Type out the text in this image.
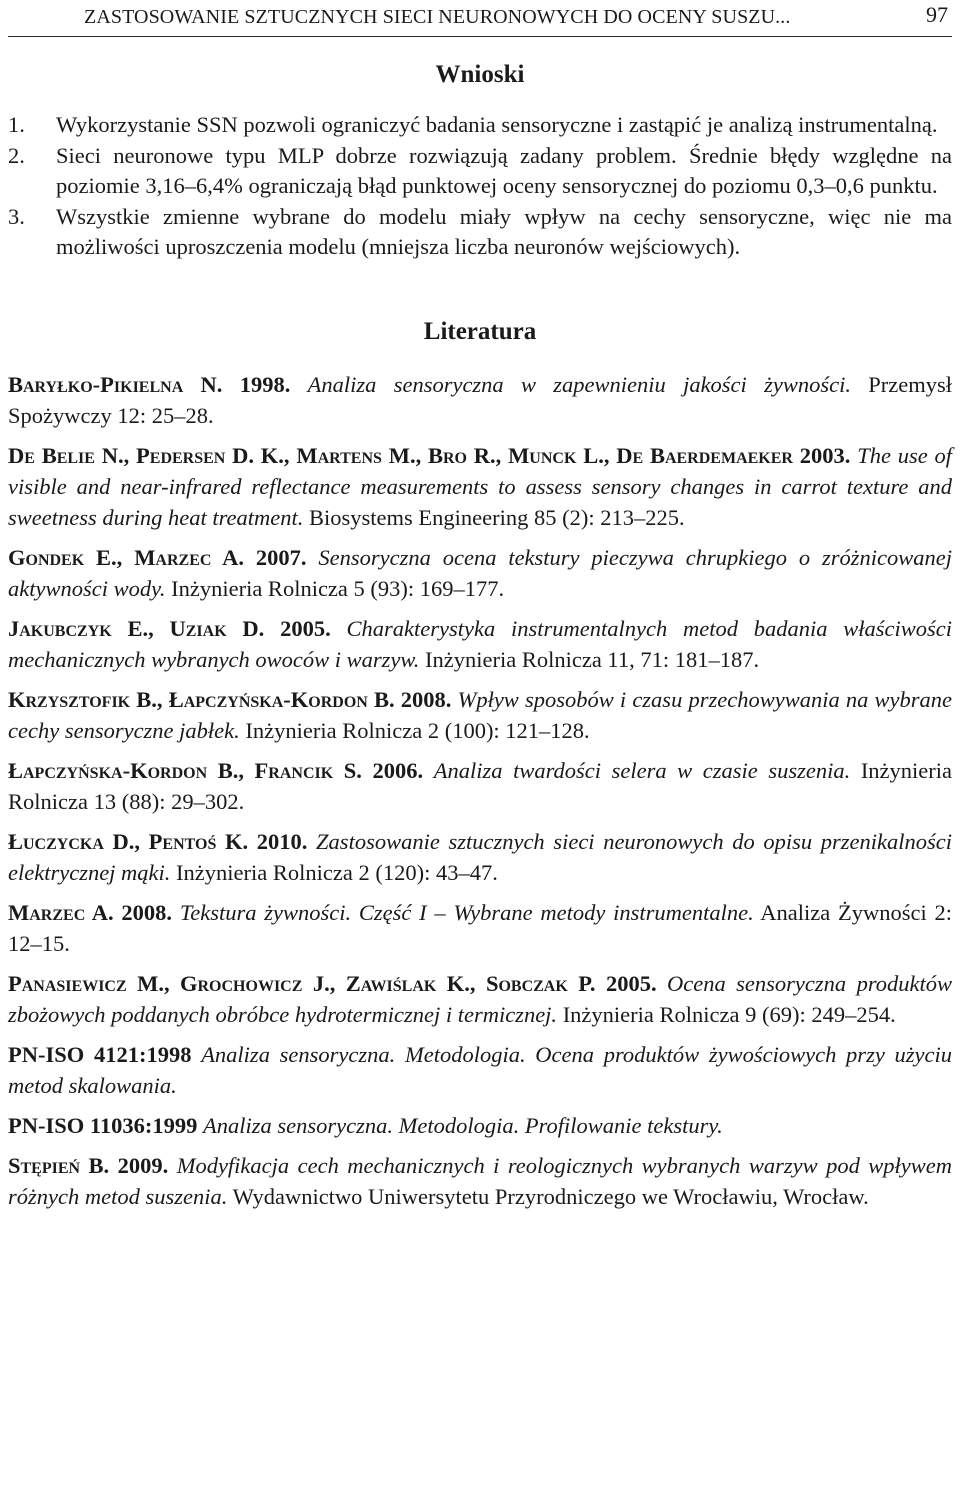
ZASTOSOWANIE SZTUCZNYCH SIECI NEURONOWYCH DO OCENY SUSZU...	97
Wnioski
1.	Wykorzystanie SSN pozwoli ograniczyć badania sensoryczne i zastąpić je analizą instrumentalną.
2.	Sieci neuronowe typu MLP dobrze rozwiązują zadany problem. Średnie błędy względne na poziomie 3,16–6,4% ograniczają błąd punktowej oceny sensorycznej do poziomu 0,3–0,6 punktu.
3.	Wszystkie zmienne wybrane do modelu miały wpływ na cechy sensoryczne, więc nie ma możliwości uproszczenia modelu (mniejsza liczba neuronów wejściowych).
Literatura
Baryłko-Pikielna N. 1998. Analiza sensoryczna w zapewnieniu jakości żywności. Przemysł Spożywczy 12: 25–28.
De Belie N., Pedersen D. K., Martens M., Bro R., Munck L., De Baerdemaeker 2003. The use of visible and near-infrared reflectance measurements to assess sensory changes in carrot texture and sweetness during heat treatment. Biosystems Engineering 85 (2): 213–225.
Gondek E., Marzec A. 2007. Sensoryczna ocena tekstury pieczywa chrupkiego o zróżnicowanej aktywności wody. Inżynieria Rolnicza 5 (93): 169–177.
Jakubczyk E., Uziak D. 2005. Charakterystyka instrumentalnych metod badania właściwości mechanicznych wybranych owoców i warzyw. Inżynieria Rolnicza 11, 71: 181–187.
Krzysztofik B., Łapczyńska-Kordon B. 2008. Wpływ sposobów i czasu przechowywania na wybrane cechy sensoryczne jabłek. Inżynieria Rolnicza 2 (100): 121–128.
Łapczyńska-Kordon B., Francik S. 2006. Analiza twardości selera w czasie suszenia. Inżynieria Rolnicza 13 (88): 29–302.
Łuczycka D., Pentoś K. 2010. Zastosowanie sztucznych sieci neuronowych do opisu przenikalności elektrycznej mąki. Inżynieria Rolnicza 2 (120): 43–47.
Marzec A. 2008. Tekstura żywności. Część I – Wybrane metody instrumentalne. Analiza Żywności 2: 12–15.
Panasiewicz M., Grochowicz J., Zawiślak K., Sobczak P. 2005. Ocena sensoryczna produktów zbożowych poddanych obróbce hydrotermicznej i termicznej. Inżynieria Rolnicza 9 (69): 249–254.
PN-ISO 4121:1998 Analiza sensoryczna. Metodologia. Ocena produktów żywościowych przy użyciu metod skalowania.
PN-ISO 11036:1999 Analiza sensoryczna. Metodologia. Profilowanie tekstury.
Stępień B. 2009. Modyfikacja cech mechanicznych i reologicznych wybranych warzyw pod wpływem różnych metod suszenia. Wydawnictwo Uniwersytetu Przyrodniczego we Wrocławiu, Wrocław.
